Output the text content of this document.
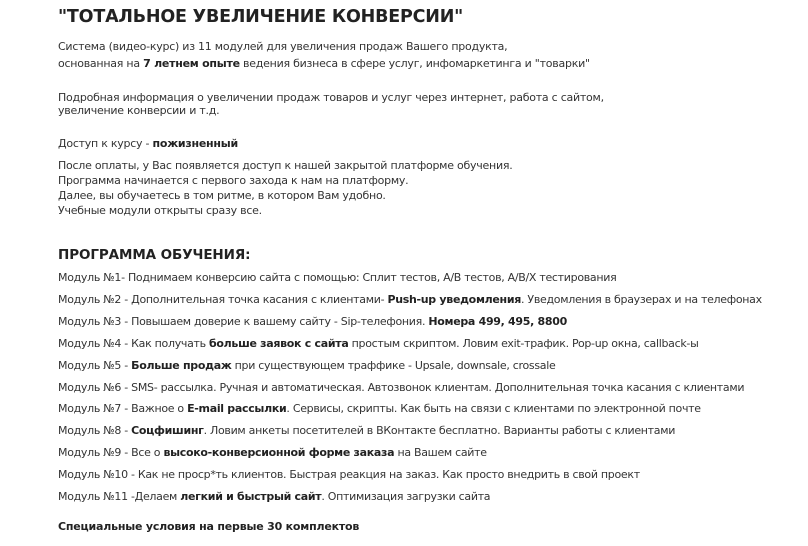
"ТОТАЛЬНОЕ УВЕЛИЧЕНИЕ КОНВЕРСИИ"
Система (видео-курс) из 11 модулей для увеличения продаж Вашего продукта,
основанная на 7 летнем опыте ведения бизнеса в сфере услуг, инфомаркетинга и "товарки"
Подробная информация о увеличении продаж товаров и услуг через интернет, работа с сайтом,
увеличение конверсии и т.д.
Доступ к курсу - пожизненный
После оплаты, у Вас появляется доступ к нашей закрытой платформе обучения.
Программа начинается с первого захода к нам на платформу.
Далее, вы обучаетесь в том ритме, в котором Вам удобно.
Учебные модули открыты сразу все.
ПРОГРАММА ОБУЧЕНИЯ:
Модуль №1- Поднимаем конверсию сайта с помощью: Сплит тестов, A/B тестов, A/B/X тестирования
Модуль №2 - Дополнительная точка касания с клиентами- Push-up уведомления. Уведомления в браузерах и на телефонах
Модуль №3 - Повышаем доверие к вашему сайту - Sip-телефония. Номера 499, 495, 8800
Модуль №4 - Как получать больше заявок с сайта простым скриптом. Ловим exit-трафик. Pop-up окна, callback-ы
Модуль №5 - Больше продаж при существующем траффике - Upsale, downsale, crossale
Модуль №6 - SMS- рассылка. Ручная и автоматическая. Автозвонок клиентам. Дополнительная точка касания с клиентами
Модуль №7 - Важное о E-mail рассылки. Сервисы, скрипты. Как быть на связи с клиентами по электронной почте
Модуль №8 - Соцфишинг. Ловим анкеты посетителей в ВКонтакте бесплатно. Варианты работы с клиентами
Модуль №9 - Все о высоко-конверсионной форме заказа на Вашем сайте
Модуль №10 - Как не проср*ть клиентов. Быстрая реакция на заказ. Как просто внедрить в свой проект
Модуль №11 -Делаем легкий и быстрый сайт. Оптимизация загрузки сайта
Специальные условия на первые 30 комплектов
